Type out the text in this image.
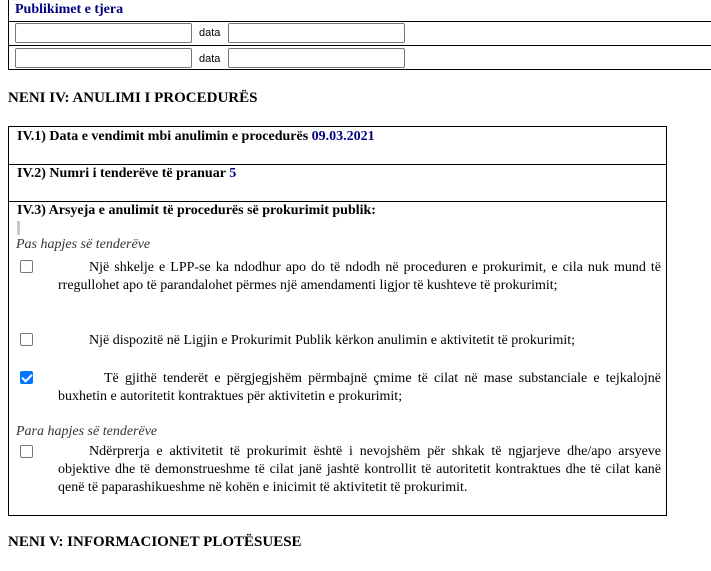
Publikimet e tjera
data
data
NENI IV: ANULIMI I PROCEDURËS
IV.1) Data e vendimit mbi anulimin e procedurës 09.03.2021
IV.2) Numri i tenderëve të pranuar 5
IV.3) Arsyeja e anulimit të procedurës së prokurimit publik:
Pas hapjes së tenderëve
Një shkelje e LPP-se ka ndodhur apo do të ndodh në proceduren e prokurimit, e cila nuk mund të rregullohet apo të parandalohet përmes një amendamenti ligjor të kushteve të prokurimit;
Një dispozitë në Ligjin e Prokurimit Publik kërkon anulimin e aktivitetit të prokurimit;
Të gjithë tenderët e përgjegjshëm përmbajnë çmime të cilat në mase substanciale e tejkalojnë buxhetin e autoritetit kontraktues për aktivitetin e prokurimit;
Para hapjes së tenderëve
Ndërprerja e aktivitetit të prokurimit është i nevojshëm për shkak të ngjarjeve dhe/apo arsyeve objektive dhe të demonstrueshme të cilat janë jashtë kontrollit të autoritetit kontraktues dhe të cilat kanë qenë të paparashikueshme në kohën e inicimit të aktivitetit të prokurimit.
NENI V: INFORMACIONET PLOTËSUESE
